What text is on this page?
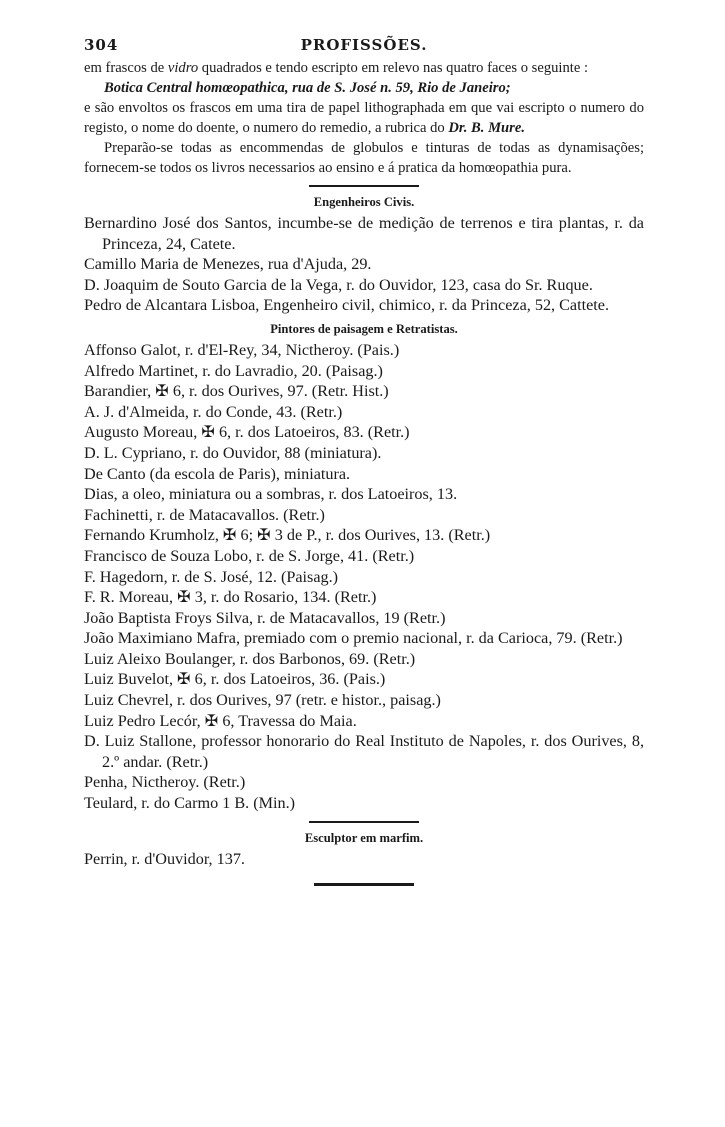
304	PROFISSÕES.

em frascos de vidro quadrados e tendo escripto em relevo nas quatro faces o seguinte :

Botica Central homœopathica, rua de S. José n. 59, Rio de Janeiro;

e são envoltos os frascos em uma tira de papel lithographada em que vai escripto o numero do registo, o nome do doente, o numero do remedio, a rubrica do Dr. B. Mure.

Preparão-se todas as encommendas de globulos e tinturas de todas as dynamisações; fornecem-se todos os livros necessarios ao ensino e á pratica da homœopathia pura.

Engenheiros Civis.
Bernardino José dos Santos, incumbe-se de medição de terrenos e tira plantas, r. da Princeza, 24, Catete.
Camillo Maria de Menezes, rua d'Ajuda, 29.
D. Joaquim de Souto Garcia de la Vega, r. do Ouvidor, 123, casa do Sr. Ruque.
Pedro de Alcantara Lisboa, Engenheiro civil, chimico, r. da Princeza, 52, Cattete.
Pintores de paisagem e Retratistas.
Affonso Galot, r. d'El-Rey, 34, Nictheroy. (Pais.)
Alfredo Martinet, r. do Lavradio, 20. (Paisag.)
Barandier, ✠ 6, r. dos Ourives, 97. (Retr. Hist.)
A. J. d'Almeida, r. do Conde, 43. (Retr.)
Augusto Moreau, ✠ 6, r. dos Latoeiros, 83. (Retr.)
D. L. Cypriano, r. do Ouvidor, 88 (miniatura).
De Canto (da escola de Paris), miniatura.
Dias, a oleo, miniatura ou a sombras, r. dos Latoeiros, 13.
Fachinetti, r. de Matacavallos. (Retr.)
Fernando Krumholz, ✠ 6; ✠ 3 de P., r. dos Ourives, 13. (Retr.)
Francisco de Souza Lobo, r. de S. Jorge, 41. (Retr.)
F. Hagedorn, r. de S. José, 12. (Paisag.)
F. R. Moreau, ✠ 3, r. do Rosario, 134. (Retr.)
João Baptista Froys Silva, r. de Matacavallos, 19 (Retr.)
João Maximiano Mafra, premiado com o premio nacional, r. da Carioca, 79. (Retr.)
Luiz Aleixo Boulanger, r. dos Barbonos, 69. (Retr.)
Luiz Buvelot, ✠ 6, r. dos Latoeiros, 36. (Pais.)
Luiz Chevrel, r. dos Ourives, 97 (retr. e histor., paisag.)
Luiz Pedro Lecór, ✠ 6, Travessa do Maia.
D. Luiz Stallone, professor honorario do Real Instituto de Napoles, r. dos Ourives, 8, 2.º andar. (Retr.)
Penha, Nictheroy. (Retr.)
Teulard, r. do Carmo 1 B. (Min.)
Esculptor em marfim.
Perrin, r. d'Ouvidor, 137.
